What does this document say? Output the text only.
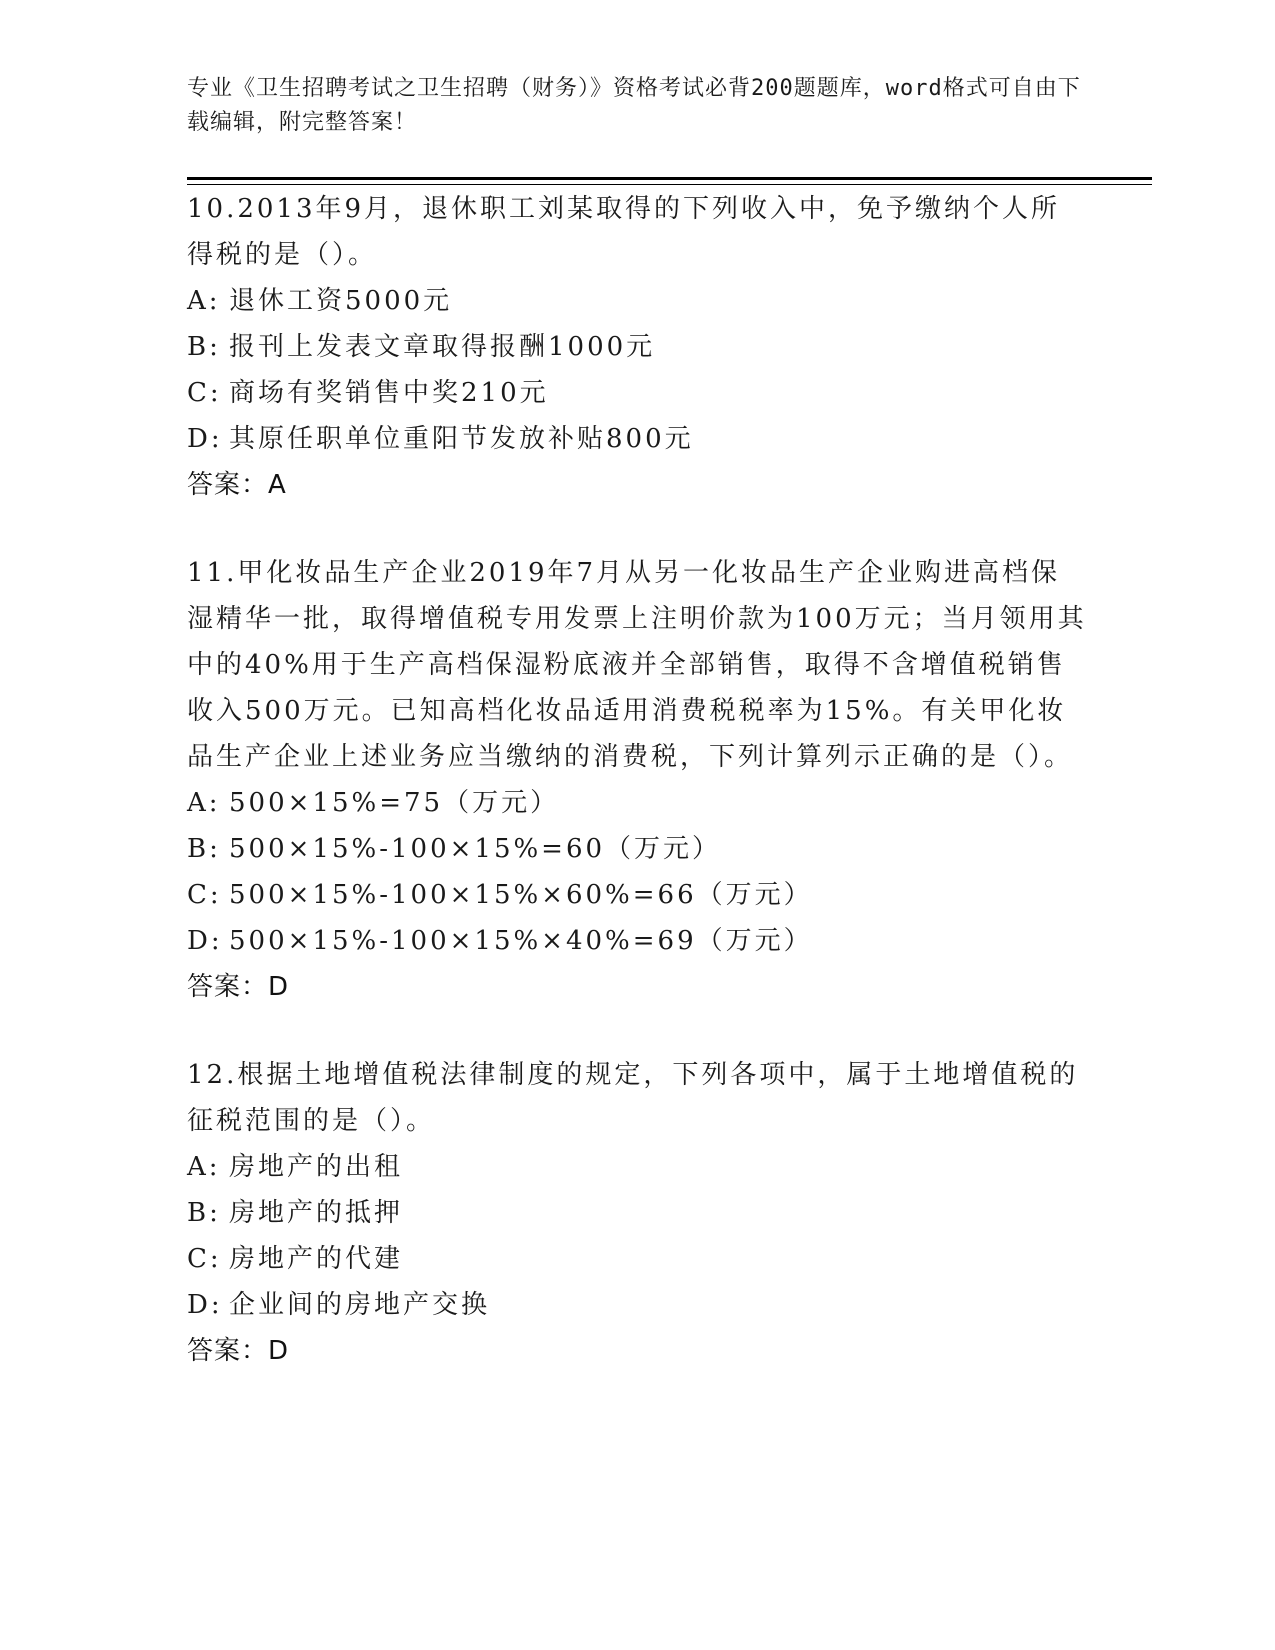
专业《卫生招聘考试之卫生招聘（财务）》资格考试必背200题题库，word格式可自由下载编辑，附完整答案！
10.2013年9月，退休职工刘某取得的下列收入中，免予缴纳个人所得税的是（）。
A: 退休工资5000元
B: 报刊上发表文章取得报酬1000元
C: 商场有奖销售中奖210元
D: 其原任职单位重阳节发放补贴800元
答案：A
11.甲化妆品生产企业2019年7月从另一化妆品生产企业购进高档保湿精华一批，取得增值税专用发票上注明价款为100万元；当月领用其中的40%用于生产高档保湿粉底液并全部销售，取得不含增值税销售收入500万元。已知高档化妆品适用消费税税率为15%。有关甲化妆品生产企业上述业务应当缴纳的消费税，下列计算列示正确的是（）。
A: 500×15%=75（万元）
B: 500×15%-100×15%=60（万元）
C: 500×15%-100×15%×60%=66（万元）
D: 500×15%-100×15%×40%=69（万元）
答案：D
12.根据土地增值税法律制度的规定，下列各项中，属于土地增值税的征税范围的是（）。
A: 房地产的出租
B: 房地产的抵押
C: 房地产的代建
D: 企业间的房地产交换
答案：D
